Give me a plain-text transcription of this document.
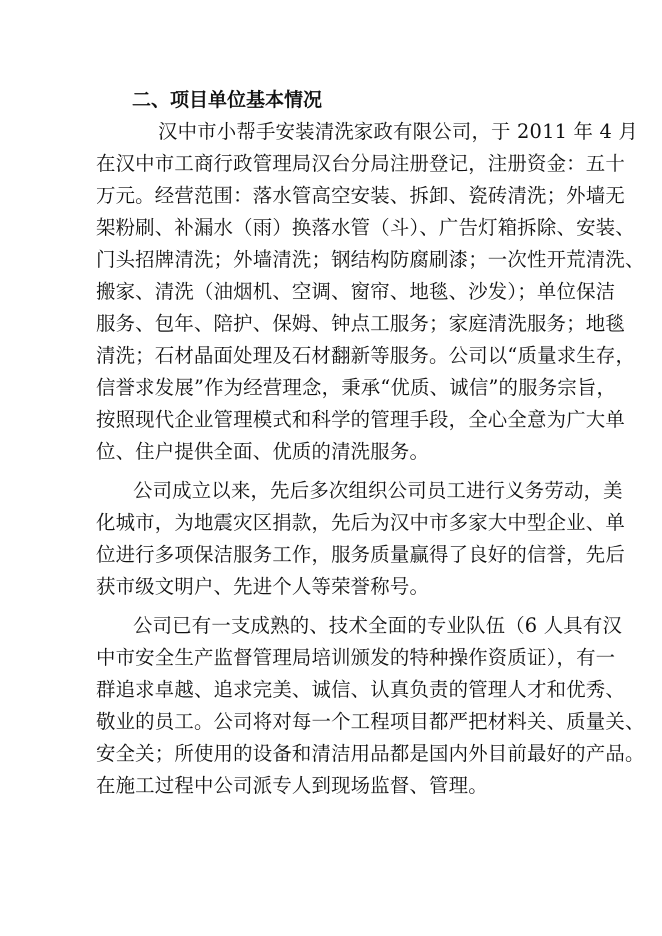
二、项目单位基本情况
汉中市小帮手安装清洗家政有限公司，于 2011 年 4 月
在汉中市工商行政管理局汉台分局注册登记，注册资金：五十
万元。经营范围：落水管高空安装、拆卸、瓷砖清洗；外墙无
架粉刷、补漏水（雨）换落水管（斗）、广告灯箱拆除、安装、
门头招牌清洗；外墙清洗；钢结构防腐刷漆；一次性开荒清洗、
搬家、清洗（油烟机、空调、窗帘、地毯、沙发）；单位保洁
服务、包年、陪护、保姆、钟点工服务；家庭清洗服务；地毯
清洗；石材晶面处理及石材翻新等服务。公司以“质量求生存，
信誉求发展”作为经营理念，秉承“优质、诚信”的服务宗旨，
按照现代企业管理模式和科学的管理手段，全心全意为广大单
位、住户提供全面、优质的清洗服务。
公司成立以来，先后多次组织公司员工进行义务劳动，美
化城市，为地震灾区捐款，先后为汉中市多家大中型企业、单
位进行多项保洁服务工作，服务质量赢得了良好的信誉，先后
获市级文明户、先进个人等荣誉称号。
公司已有一支成熟的、技术全面的专业队伍（6 人具有汉
中市安全生产监督管理局培训颁发的特种操作资质证），有一
群追求卓越、追求完美、诚信、认真负责的管理人才和优秀、
敬业的员工。公司将对每一个工程项目都严把材料关、质量关、
安全关；所使用的设备和清洁用品都是国内外目前最好的产品。
在施工过程中公司派专人到现场监督、管理。
